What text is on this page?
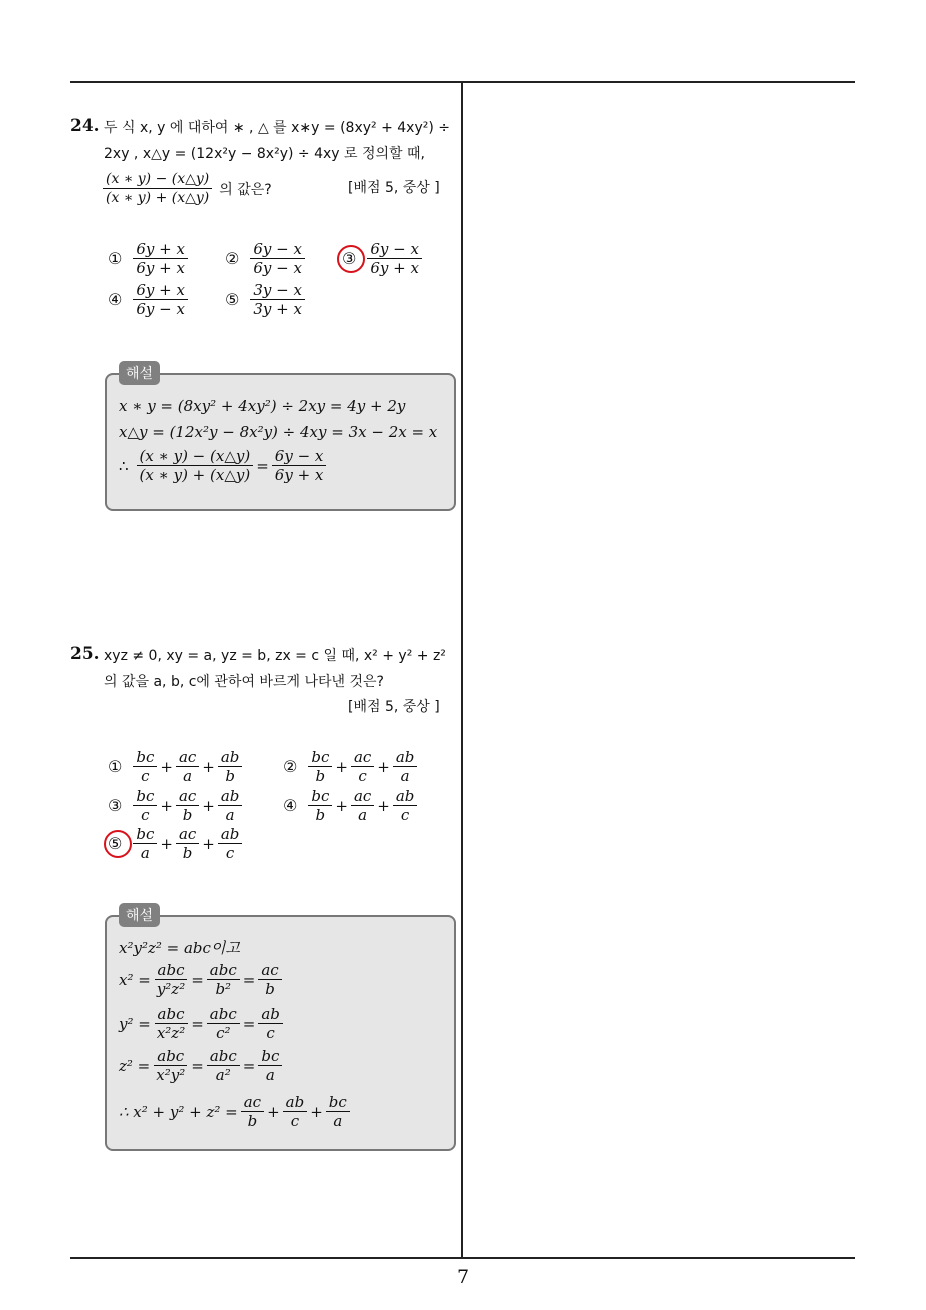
7
24. 두 식 x, y 에 대하여 ∗ , △ 를 x∗y = (8xy² + 4xy²) ÷
2xy , x△y = (12x²y − 8x²y) ÷ 4xy 로 정의할 때,
$\frac{(x ∗ y) - (x\triangle y)}{(x ∗ y) + (x\triangle y)}$ 의 값은?	[배점 5, 중상 ]
① $\frac{6y + x}{6y + x}$ ② $\frac{6y - x}{6y - x}$ ③ $\frac{6y - x}{6y + x}$
④ $\frac{6y + x}{6y - x}$ ⑤ $\frac{3y - x}{3y + x}$
x ∗ y = (8xy² + 4xy²) ÷ 2xy = 4y + 2y
x△y = (12x²y − 8x²y) ÷ 4xy = 3x − 2x = x
∴ $\frac{(x ∗ y) - (x\triangle y)}{(x ∗ y) + (x\triangle y)} = \frac{6y - x}{6y + x}$
해설
25. xyz ≠ 0, xy = a, yz = b, zx = c 일 때, x² + y² + z²
의 값을 a, b, c에 관하여 바르게 나타낸 것은?
[배점 5, 중상 ]
① $\frac{bc}{c} + \frac{ac}{a} + \frac{ab}{b}$	② $\frac{bc}{b} + \frac{ac}{c} + \frac{ab}{a}$
③ $\frac{bc}{c} + \frac{ac}{b} + \frac{ab}{a}$	④ $\frac{bc}{b} + \frac{ac}{a} + \frac{ab}{c}$
⑤ $\frac{bc}{a} + \frac{ac}{b} + \frac{ab}{c}$
x²y²z² = abc이고
$x^2 = \frac{\text{abc}}{\text{y²z²}} = \frac{\text{abc}}{\text{b²}} = \frac{ac}{b}$
$y^2 = \frac{\text{abc}}{\text{x²z²}} = \frac{\text{abc}}{\text{c²}} = \frac{ab}{c}$
$z^2 = \frac{\text{abc}}{\text{x²y²}} = \frac{\text{abc}}{\text{a²}} = \frac{bc}{a}$
∴ $x^2 + y^2 + z^2 = \frac{ac}{b} + \frac{ab}{c} + \frac{bc}{a}$
해설
